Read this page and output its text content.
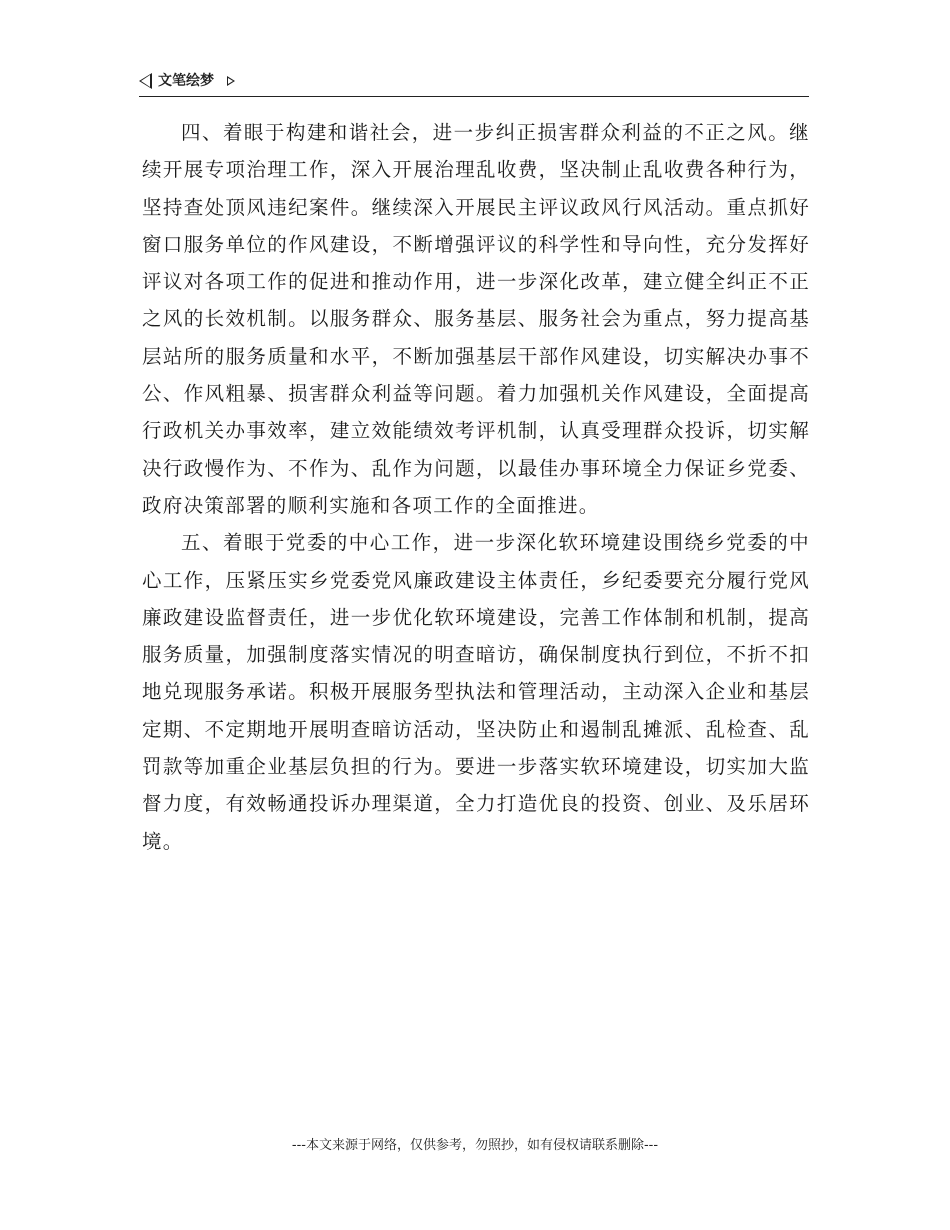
文笔绘梦

四、着眼于构建和谐社会，进一步纠正损害群众利益的不正之风。继续开展专项治理工作，深入开展治理乱收费，坚决制止乱收费各种行为，坚持查处顶风违纪案件。继续深入开展民主评议政风行风活动。重点抓好窗口服务单位的作风建设，不断增强评议的科学性和导向性，充分发挥好评议对各项工作的促进和推动作用，进一步深化改革，建立健全纠正不正之风的长效机制。以服务群众、服务基层、服务社会为重点，努力提高基层站所的服务质量和水平，不断加强基层干部作风建设，切实解决办事不公、作风粗暴、损害群众利益等问题。着力加强机关作风建设，全面提高行政机关办事效率，建立效能绩效考评机制，认真受理群众投诉，切实解决行政慢作为、不作为、乱作为问题，以最佳办事环境全力保证乡党委、政府决策部署的顺利实施和各项工作的全面推进。

五、着眼于党委的中心工作，进一步深化软环境建设围绕乡党委的中心工作，压紧压实乡党委党风廉政建设主体责任，乡纪委要充分履行党风廉政建设监督责任，进一步优化软环境建设，完善工作体制和机制，提高服务质量，加强制度落实情况的明查暗访，确保制度执行到位，不折不扣地兑现服务承诺。积极开展服务型执法和管理活动，主动深入企业和基层定期、不定期地开展明查暗访活动，坚决防止和遏制乱摊派、乱检查、乱罚款等加重企业基层负担的行为。要进一步落实软环境建设，切实加大监督力度，有效畅通投诉办理渠道，全力打造优良的投资、创业、及乐居环境。

---本文来源于网络，仅供参考，勿照抄，如有侵权请联系删除---
